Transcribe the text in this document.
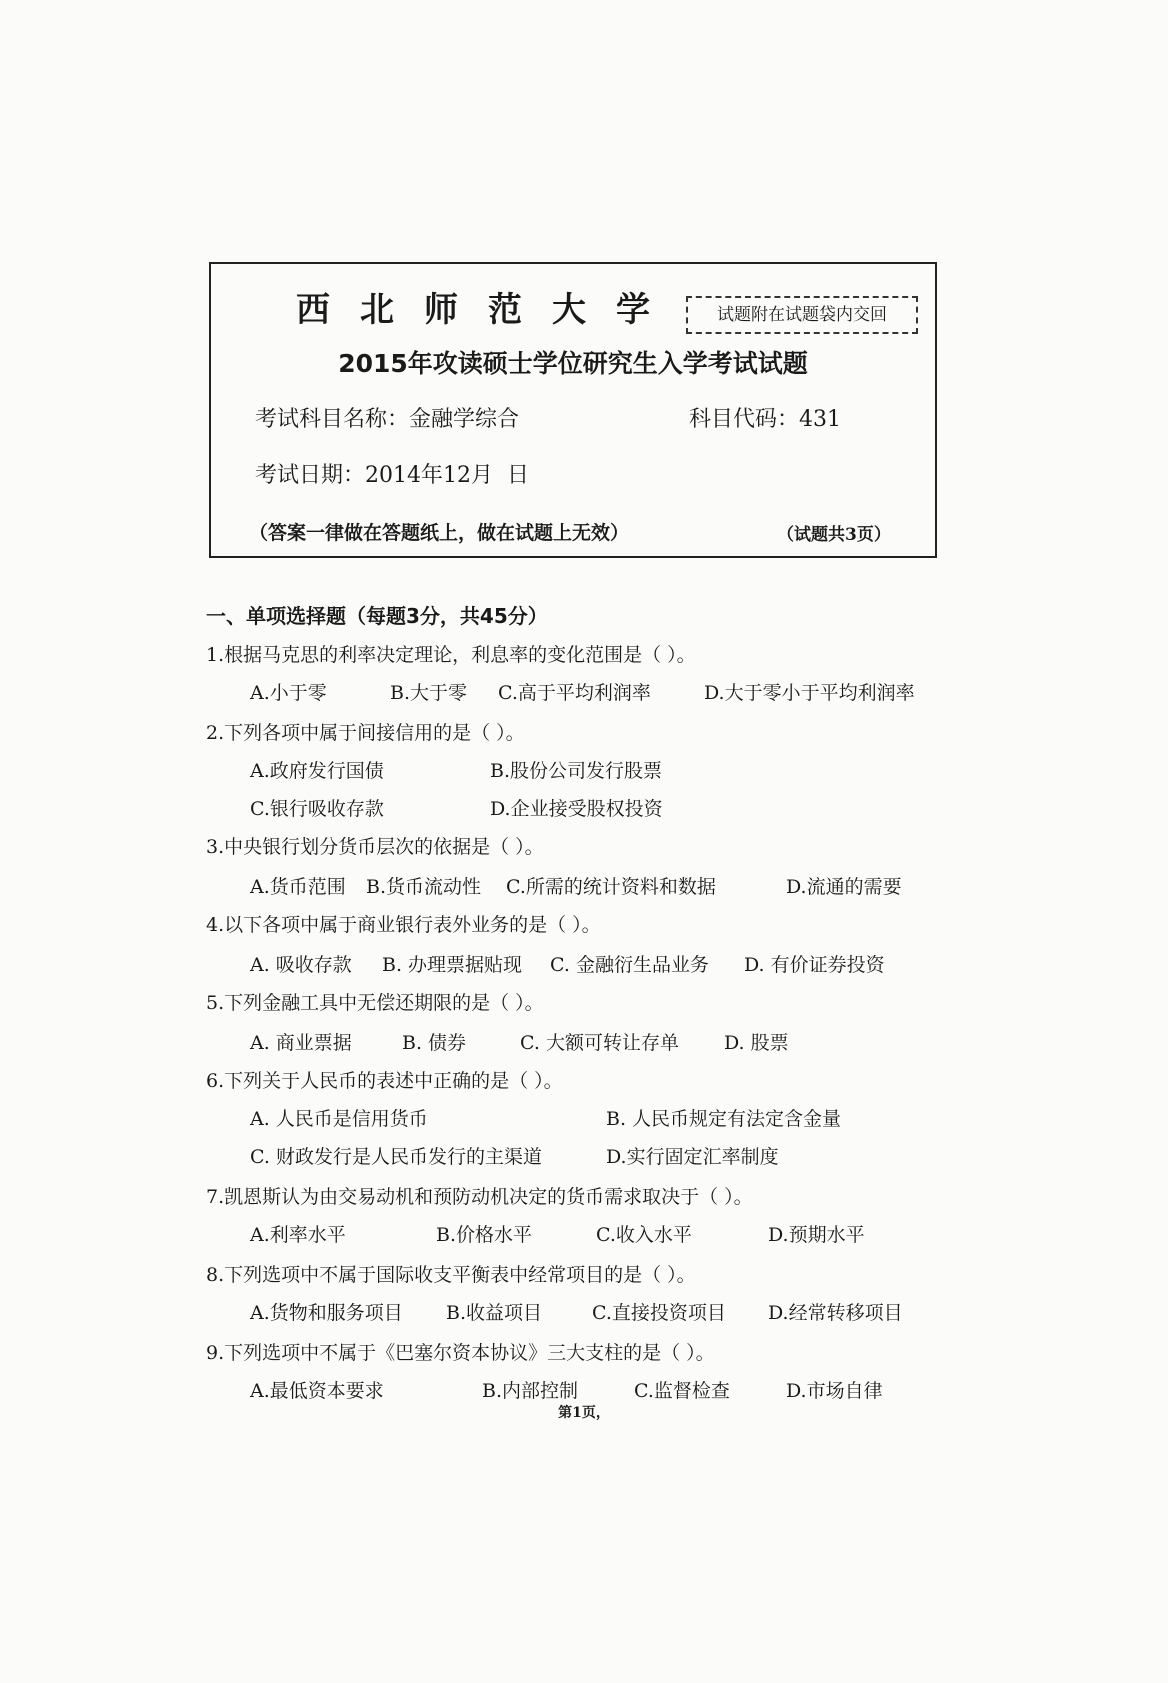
西北师范大学	试题附在试题袋内交回
2015年攻读硕士学位研究生入学考试试题
考试科目名称：金融学综合	科目代码：431
考试日期：2014年12月  日
（答案一律做在答题纸上，做在试题上无效）	（试题共3页）
一、单项选择题（每题3分，共45分）
1.根据马克思的利率决定理论，利息率的变化范围是（ ）。
A.小于零	B.大于零 C.高于平均利润率	D.大于零小于平均利润率
2.下列各项中属于间接信用的是（ ）。
A.政府发行国债	B.股份公司发行股票
C.银行吸收存款	D.企业接受股权投资
3.中央银行划分货币层次的依据是（ ）。
A.货币范围 B.货币流动性 C.所需的统计资料和数据	D.流通的需要
4.以下各项中属于商业银行表外业务的是（ ）。
A. 吸收存款 B. 办理票据贴现 C. 金融衍生品业务 D. 有价证券投资
5.下列金融工具中无偿还期限的是（ ）。
A. 商业票据	B. 债券	C. 大额可转让存单 D. 股票
6.下列关于人民币的表述中正确的是（ ）。
A. 人民币是信用货币	B. 人民币规定有法定含金量
C. 财政发行是人民币发行的主渠道	D.实行固定汇率制度
7.凯恩斯认为由交易动机和预防动机决定的货币需求取决于（ ）。
A.利率水平	B.价格水平	C.收入水平	D.预期水平
8.下列选项中不属于国际收支平衡表中经常项目的是（ ）。
A.货物和服务项目 B.收益项目	C.直接投资项目 D.经常转移项目
9.下列选项中不属于《巴塞尔资本协议》三大支柱的是（ ）。
A.最低资本要求	B.内部控制	C.监督检查	D.市场自律
第1页，
